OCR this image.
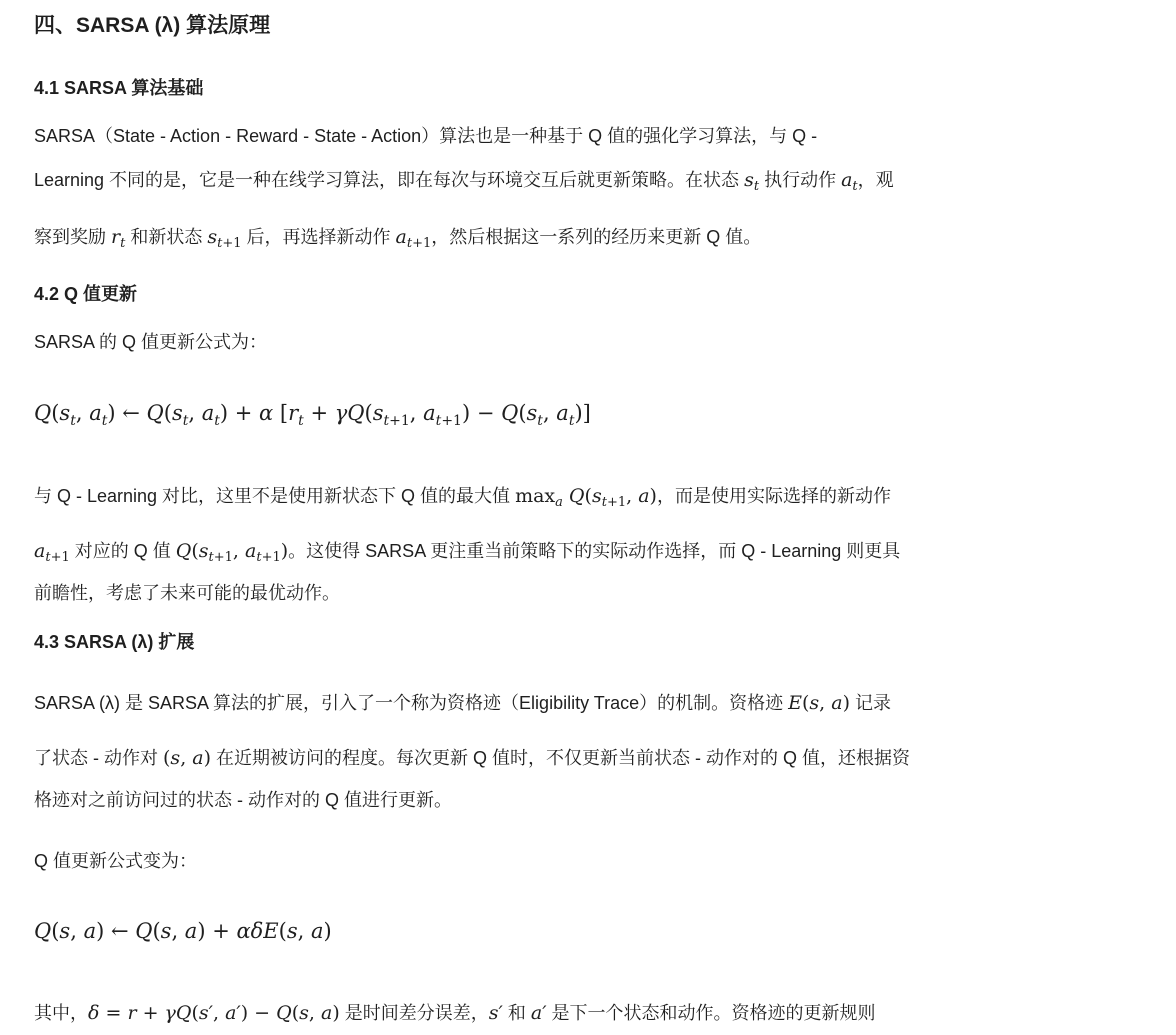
四、SARSA (λ) 算法原理
4.1 SARSA 算法基础
SARSA（State - Action - Reward - State - Action）算法也是一种基于 Q 值的强化学习算法，与 Q -
Learning 不同的是，它是一种在线学习算法，即在每次与环境交互后就更新策略。在状态 $s_t$ 执行动作 $a_t$，观
察到奖励 $r_t$ 和新状态 $s_{t+1}$ 后，再选择新动作 $a_{t+1}$，然后根据这一系列的经历来更新 Q 值。
4.2 Q 值更新
SARSA 的 Q 值更新公式为：
$Q(s_t$, $a_t$) ← $Q(s_t$, $a_t) + \alpha$ [$r_t + \gamma Q(s_{t+1}$, $a_{t+1}) - Q(s_t$, $a_t$)]
与 Q - Learning 对比，这里不是使用新状态下 Q 值的最大值 $\max_a Q(s_{t+1}$, a)，而是使用实际选择的新动作
$a_{t+1}$ 对应的 Q 值 $Q(s_{t+1}$, $a_{t+1}$)。这使得 SARSA 更注重当前策略下的实际动作选择，而 Q - Learning 则更具
前瞻性，考虑了未来可能的最优动作。
4.3 SARSA (λ) 扩展
SARSA (λ) 是 SARSA 算法的扩展，引入了一个称为资格迹（Eligibility Trace）的机制。资格迹 E(s, a) 记录
了状态 - 动作对 (s, a) 在近期被访问的程度。每次更新 Q 值时，不仅更新当前状态 - 动作对的 Q 值，还根据资
格迹对之前访问过的状态 - 动作对的 Q 值进行更新。
Q 值更新公式变为：
Q(s, a) ← Q(s, a) + αδE(s, a)
其中，δ = r + γQ(s′, a′) − Q(s, a) 是时间差分误差，s′ 和 a′ 是下一个状态和动作。资格迹的更新规则
